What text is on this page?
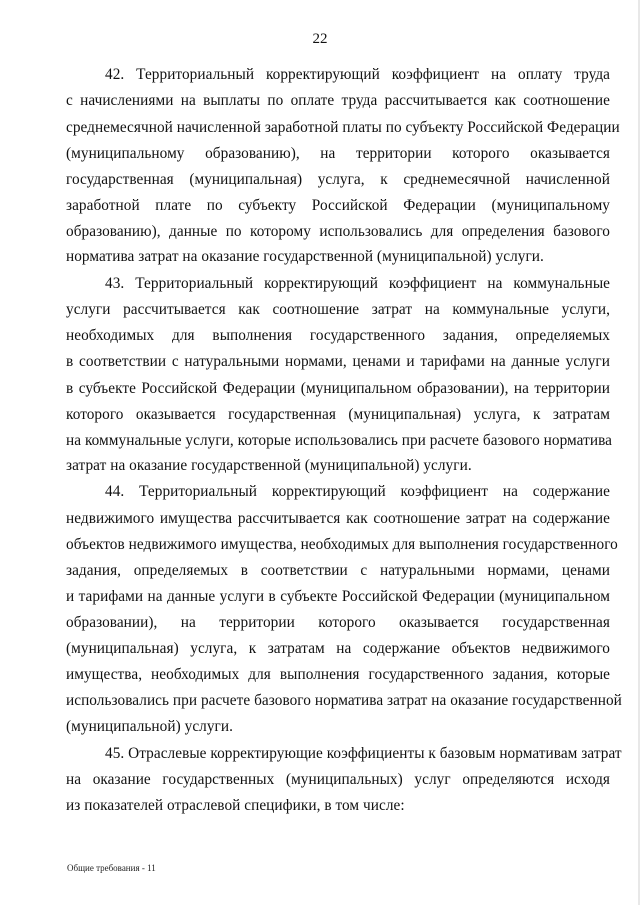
22
42. Территориальный корректирующий коэффициент на оплату труда
с начислениями на выплаты по оплате труда рассчитывается как соотношение
среднемесячной начисленной заработной платы по субъекту Российской Федерации
(муниципальному образованию), на территории которого оказывается
государственная (муниципальная) услуга, к среднемесячной начисленной
заработной плате по субъекту Российской Федерации (муниципальному
образованию), данные по которому использовались для определения базового
норматива затрат на оказание государственной (муниципальной) услуги.
43. Территориальный корректирующий коэффициент на коммунальные
услуги рассчитывается как соотношение затрат на коммунальные услуги,
необходимых для выполнения государственного задания, определяемых
в соответствии с натуральными нормами, ценами и тарифами на данные услуги
в субъекте Российской Федерации (муниципальном образовании), на территории
которого оказывается государственная (муниципальная) услуга, к затратам
на коммунальные услуги, которые использовались при расчете базового норматива
затрат на оказание государственной (муниципальной) услуги.
44. Территориальный корректирующий коэффициент на содержание
недвижимого имущества рассчитывается как соотношение затрат на содержание
объектов недвижимого имущества, необходимых для выполнения государственного
задания, определяемых в соответствии с натуральными нормами, ценами
и тарифами на данные услуги в субъекте Российской Федерации (муниципальном
образовании), на территории которого оказывается государственная
(муниципальная) услуга, к затратам на содержание объектов недвижимого
имущества, необходимых для выполнения государственного задания, которые
использовались при расчете базового норматива затрат на оказание государственной
(муниципальной) услуги.
45. Отраслевые корректирующие коэффициенты к базовым нормативам затрат
на оказание государственных (муниципальных) услуг определяются исходя
из показателей отраслевой специфики, в том числе:
Общие требования - 11
